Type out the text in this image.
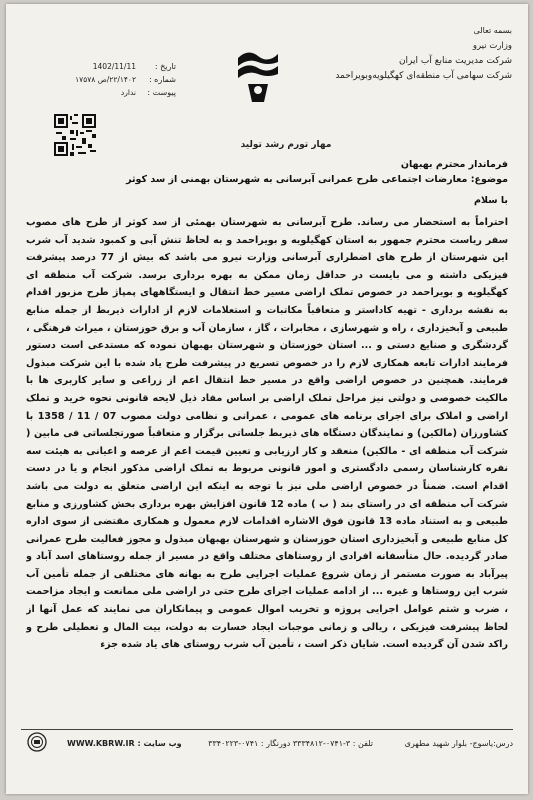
بسمه تعالی
وزارت نیرو
شرکت مدیریت منابع آب ایران
شرکت سهامی آب منطقه‌ای کهگیلویه‌وبویراحمد
تاریخ :
1402/11/11
شماره :
۲۲/۱۴۰۲/ص ۱۷۵۷۸
پیوست :
ندارد
مهار تورم رشد تولید
فرماندار محترم بهبهان
موضوع: معارضات اجتماعی طرح عمرانی آبرسانی به شهرستان بهمنی از سد کوثر
با سلام
احتراماً به استحضار می رساند. طرح آبرسانی به شهرستان بهمئی از سد کوثر از طرح های مصوب سفر ریاست محترم جمهور به استان کهگیلویه و بویراحمد و به لحاظ تنش آبی و کمبود شدید آب شرب این شهرستان از طرح های اضطراری آبرسانی وزارت نیرو می باشد که بیش از 77 درصد پیشرفت فیزیکی داشته و می بایست در حداقل زمان ممکن به بهره برداری برسد. شرکت آب منطقه ای کهگیلویه و بویراحمد در خصوص تملک اراضی مسیر خط انتقال و ایستگاههای پمپاژ طرح مزبور اقدام به نقشه برداری - تهیه کاداستر و متعاقباً مکاتبات و استعلامات لازم از ادارات ذیربط از جمله منابع طبیعی و آبخیزداری ، راه و شهرسازی ، مخابرات ، گاز ، سازمان آب و برق خوزستان ، میراث فرهنگی ، گردشگری و صنایع دستی و ... استان خوزستان و شهرستان بهبهان نموده که مستدعی است دستور فرمایند ادارات تابعه همکاری لازم را در خصوص تسریع در پیشرفت طرح یاد شده با این شرکت مبذول فرمایند. همچنین در خصوص اراضی واقع در مسیر خط انتقال اعم از زراعی و سایر کاربری ها با مالکیت خصوصی و دولتی نیز مراحل تملک اراضی بر اساس مفاد ذیل لایحه قانونی نحوه خرید و تملک اراضی و املاک برای اجرای برنامه های عمومی ، عمرانی و نظامی دولت مصوب 07 / 11 / 1358 با کشاورزان (مالکین) و نمایندگان دستگاه های ذیربط جلساتی برگزار و متعاقباً صورتجلساتی فی مابین ( شرکت آب منطقه ای - مالکین) منعقد و کار ارزیابی و تعیین قیمت اعم از عرصه و اعیانی به هیئت سه نفره کارشناسان رسمی دادگستری و امور قانونی مربوط به تملک اراضی مذکور انجام و یا در دست اقدام است. ضمناً در خصوص اراضی ملی نیز با توجه به اینکه این اراضی متعلق به دولت می باشد شرکت آب منطقه ای در راستای بند ( ب ) ماده 12 قانون افزایش بهره برداری بخش کشاورزی و منابع طبیعی و به استناد ماده 13 قانون فوق الاشاره اقدامات لازم معمول و همکاری مقتضی از سوی اداره کل منابع طبیعی و آبخیزداری استان خوزستان و شهرستان بهبهان مبذول و مجوز فعالیت طرح عمرانی صادر گردیده. حال متأسفانه افرادی از روستاهای مختلف واقع در مسیر از جمله روستاهای اسد آباد و پیرآباد به صورت مستمر از زمان شروع عملیات اجرایی طرح به بهانه های مختلفی از جمله تأمین آب شرب این روستاها و غیره ... از ادامه عملیات اجرای طرح حتی در اراضی ملی ممانعت و ایجاد مزاحمت ، ضرب و شتم عوامل اجرایی پروژه و تخریب اموال عمومی و پیمانکاران می نمایند که عمل آنها از لحاظ پیشرفت فیزیکی ، ریالی و زمانی موجبات ایجاد خسارت به دولت، بیت المال و تعطیلی طرح و راکد شدن آن گردیده است. شایان ذکر است ، تأمین آب شرب روستای های یاد شده جزء
درس:یاسوج- بلوار شهید مطهری
تلفن : ۳-۰۷۴۱-۳۳۳۴۸۱۲ دورنگار : ۰۷۴۱-۳۳۴۰۲۲۳
وب سایت : WWW.KBRW.IR
